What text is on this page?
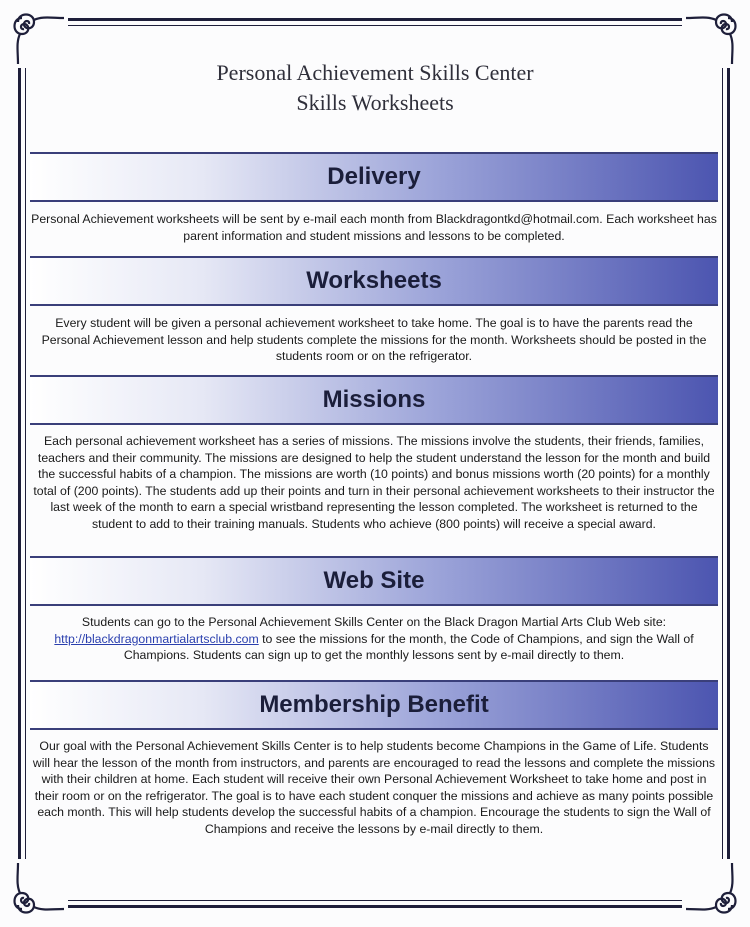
Personal Achievement Skills Center
Skills Worksheets
Delivery

Personal Achievement worksheets will be sent by e-mail each month from Blackdragontkd@hotmail.com. Each worksheet has parent information and student missions and lessons to be completed.

Worksheets

Every student will be given a personal achievement worksheet to take home. The goal is to have the parents read the Personal Achievement lesson and help students complete the missions for the month. Worksheets should be posted in the students room or on the refrigerator.

Missions

Each personal achievement worksheet has a series of missions. The missions involve the students, their friends, families, teachers and their community. The missions are designed to help the student understand the lesson for the month and build the successful habits of a champion. The missions are worth (10 points) and bonus missions worth (20 points) for a monthly total of (200 points). The students add up their points and turn in their personal achievement worksheets to their instructor the last week of the month to earn a special wristband representing the lesson completed. The worksheet is returned to the student to add to their training manuals. Students who achieve (800 points) will receive a special award.

Web Site

Students can go to the Personal Achievement Skills Center on the Black Dragon Martial Arts Club Web site:
http://blackdragonmartialartsclub.com to see the missions for the month, the Code of Champions, and sign the Wall of Champions. Students can sign up to get the monthly lessons sent by e-mail directly to them.

Membership Benefit

Our goal with the Personal Achievement Skills Center is to help students become Champions in the Game of Life. Students will hear the lesson of the month from instructors, and parents are encouraged to read the lessons and complete the missions with their children at home. Each student will receive their own Personal Achievement Worksheet to take home and post in their room or on the refrigerator. The goal is to have each student conquer the missions and achieve as many points possible each month. This will help students develop the successful habits of a champion. Encourage the students to sign the Wall of Champions and receive the lessons by e-mail directly to them.
